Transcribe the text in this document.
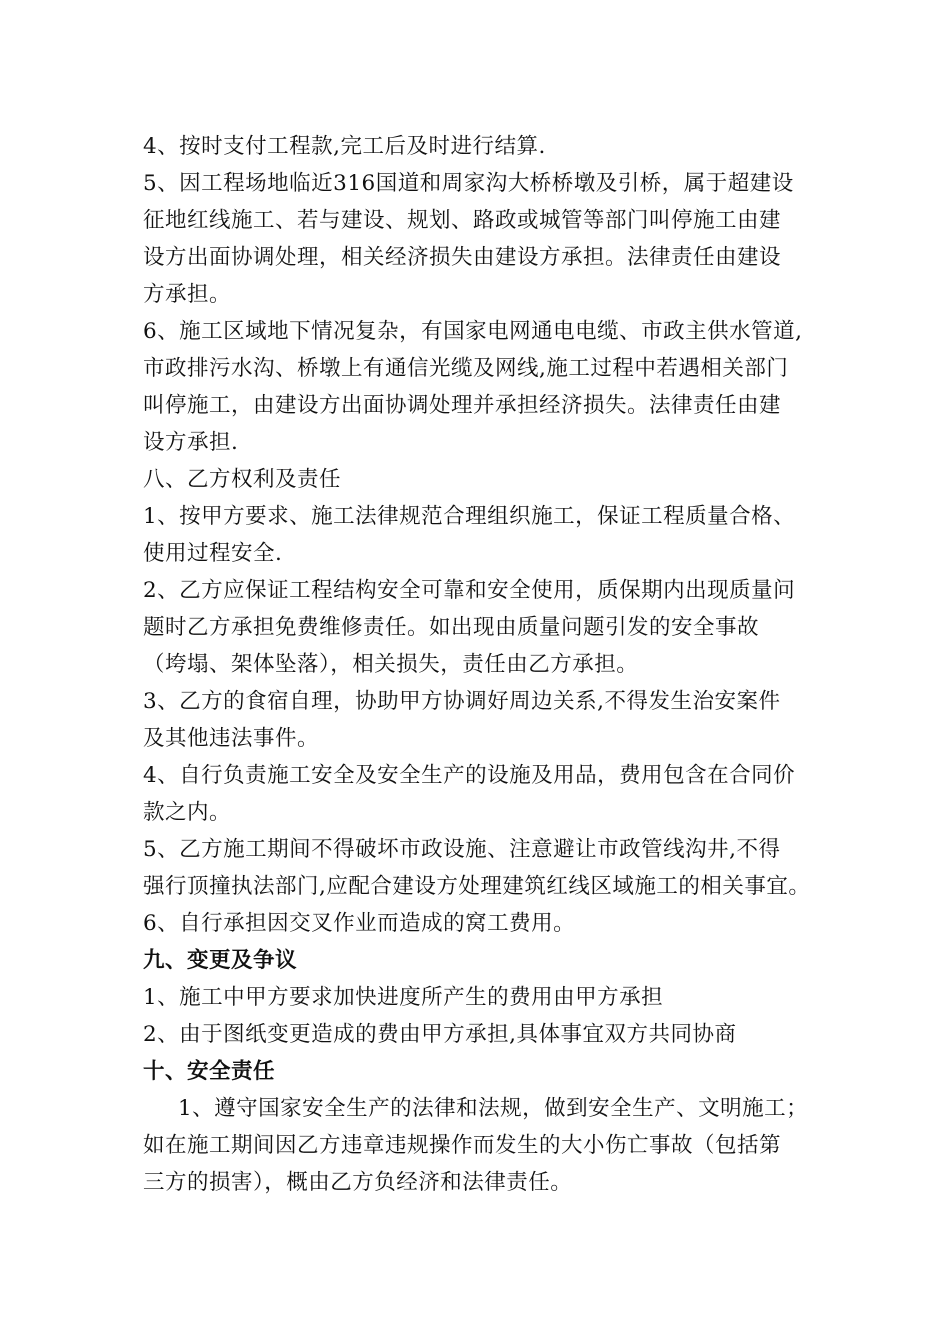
4、按时支付工程款,完工后及时进行结算.
5、因工程场地临近316国道和周家沟大桥桥墩及引桥，属于超建设
征地红线施工、若与建设、规划、路政或城管等部门叫停施工由建
设方出面协调处理，相关经济损失由建设方承担。法律责任由建设
方承担。
6、施工区域地下情况复杂，有国家电网通电电缆、市政主供水管道,
市政排污水沟、桥墩上有通信光缆及网线,施工过程中若遇相关部门
叫停施工，由建设方出面协调处理并承担经济损失。法律责任由建
设方承担.
八、乙方权利及责任
1、按甲方要求、施工法律规范合理组织施工，保证工程质量合格、
使用过程安全.
2、乙方应保证工程结构安全可靠和安全使用，质保期内出现质量问
题时乙方承担免费维修责任。如出现由质量问题引发的安全事故
（垮塌、架体坠落），相关损失，责任由乙方承担。
3、乙方的食宿自理，协助甲方协调好周边关系,不得发生治安案件
及其他违法事件。
4、自行负责施工安全及安全生产的设施及用品，费用包含在合同价
款之内。
5、乙方施工期间不得破坏市政设施、注意避让市政管线沟井,不得
强行顶撞执法部门,应配合建设方处理建筑红线区域施工的相关事宜。
6、自行承担因交叉作业而造成的窝工费用。
九、变更及争议
1、施工中甲方要求加快进度所产生的费用由甲方承担
2、由于图纸变更造成的费由甲方承担,具体事宜双方共同协商
十、安全责任
1、遵守国家安全生产的法律和法规，做到安全生产、文明施工；
如在施工期间因乙方违章违规操作而发生的大小伤亡事故（包括第
三方的损害），概由乙方负经济和法律责任。
